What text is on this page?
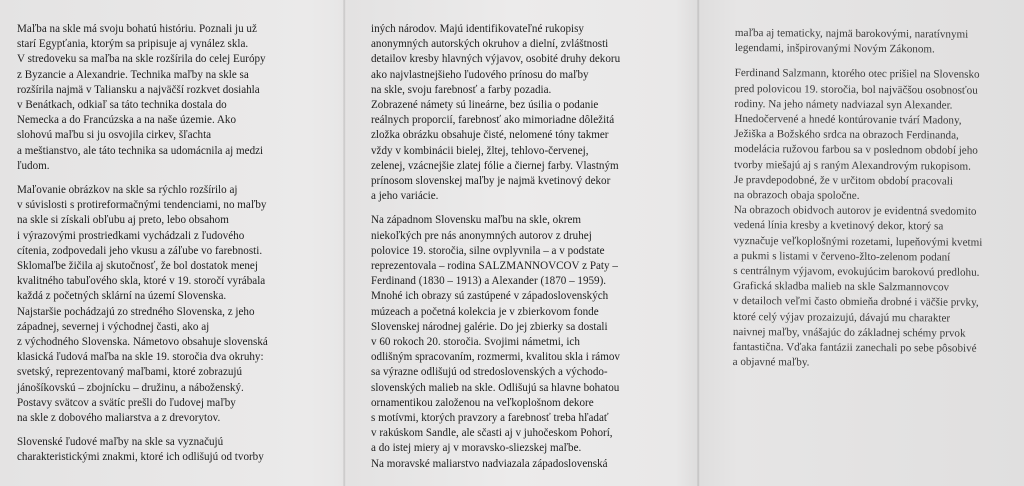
Maľba na skle má svoju bohatú históriu. Poznali ju už
starí Egypťania, ktorým sa pripisuje aj vynález skla.
V stredoveku sa maľba na skle rozšírila do celej Európy
z Byzancie a Alexandrie. Technika maľby na skle sa
rozšírila najmä v Taliansku a najväčší rozkvet dosiahla
v Benátkach, odkiaľ sa táto technika dostala do
Nemecka a do Francúzska a na naše územie. Ako
slohovú maľbu si ju osvojila cirkev, šľachta
a meštianstvo, ale táto technika sa udomácnila aj medzi
ľudom.

Maľovanie obrázkov na skle sa rýchlo rozšírilo aj
v súvislosti s protireformačnými tendenciami, no maľby
na skle si získali obľubu aj preto, lebo obsahom
i výrazovými prostriedkami vychádzali z ľudového
cítenia, zodpovedali jeho vkusu a záľube vo farebnosti.
Sklomaľbe žičila aj skutočnosť, že bol dostatok menej
kvalitného tabuľového skla, ktoré v 19. storočí vyrábala
každá z početných sklární na území Slovenska.
Najstaršie pochádzajú zo stredného Slovenska, z jeho
západnej, severnej i východnej časti, ako aj
z východného Slovenska. Námetovo obsahuje slovenská
klasická ľudová maľba na skle 19. storočia dva okruhy:
svetský, reprezentovaný maľbami, ktoré zobrazujú
jánošíkovskú – zbojnícku – družinu, a náboženský.
Postavy svätcov a svätíc prešli do ľudovej maľby
na skle z dobového maliarstva a z drevorytov.

Slovenské ľudové maľby na skle sa vyznačujú
charakteristickými znakmi, ktoré ich odlišujú od tvorby

iných národov. Majú identifikovateľné rukopisy
anonymných autorských okruhov a dielní, zvláštnosti
detailov kresby hlavných výjavov, osobité druhy dekoru
ako najvlastnejšieho ľudového prínosu do maľby
na skle, svoju farebnosť a farby pozadia.
Zobrazené námety sú lineárne, bez úsilia o podanie
reálnych proporcií, farebnosť ako mimoriadne dôležitá
zložka obrázku obsahuje čisté, nelomené tóny takmer
vždy v kombinácii bielej, žltej, tehlovo-červenej,
zelenej, vzácnejšie zlatej fólie a čiernej farby. Vlastným
prínosom slovenskej maľby je najmä kvetinový dekor
a jeho variácie.

Na západnom Slovensku maľbu na skle, okrem
niekoľkých pre nás anonymných autorov z druhej
polovice 19. storočia, silne ovplyvnila – a v podstate
reprezentovala – rodina SALZMANNOVCOV z Paty –
Ferdinand (1830 – 1913) a Alexander (1870 – 1959).
Mnohé ich obrazy sú zastúpené v západoslovenských
múzeach a početná kolekcia je v zbierkovom fonde
Slovenskej národnej galérie. Do jej zbierky sa dostali
v 60 rokoch 20. storočia. Svojimi námetmi, ich
odlišným spracovaním, rozmermi, kvalitou skla i rámov
sa výrazne odlišujú od stredoslovenských a východo-
slovenských malieb na skle. Odlišujú sa hlavne bohatou
ornamentikou založenou na veľkoplošnom dekore
s motívmi, ktorých pravzory a farebnosť treba hľadať
v rakúskom Sandle, ale sčasti aj v juhočeskom Pohorí,
a do istej miery aj v moravsko-sliezskej maľbe.
Na moravské maliarstvo nadviazala západoslovenská

maľba aj tematicky, najmä barokovými, naratívnymi
legendami, inšpirovanými Novým Zákonom.

Ferdinand Salzmann, ktorého otec prišiel na Slovensko
pred polovicou 19. storočia, bol najväčšou osobnosťou
rodiny. Na jeho námety nadviazal syn Alexander.
Hnedočervené a hnedé kontúrovanie tvárí Madony,
Ježiška a Božského srdca na obrazoch Ferdinanda,
modelácia ružovou farbou sa v poslednom období jeho
tvorby miešajú aj s raným Alexandrovým rukopisom.
Je pravdepodobné, že v určitom období pracovali
na obrazoch obaja spoločne.
Na obrazoch obidvoch autorov je evidentná svedomito
vedená línia kresby a kvetinový dekor, ktorý sa
vyznačuje veľkoplošnými rozetami, lupeňovými kvetmi
a pukmi s listami v červeno-žlto-zelenom podaní
s centrálnym výjavom, evokujúcim barokovú predlohu.
Grafická skladba malieb na skle Salzmannovcov
v detailoch veľmi často obmieňa drobné i väčšie prvky,
ktoré celý výjav prozaizujú, dávajú mu charakter
naivnej maľby, vnášajúc do základnej schémy prvok
fantastična. Vďaka fantázii zanechali po sebe pôsobivé
a objavné maľby.
